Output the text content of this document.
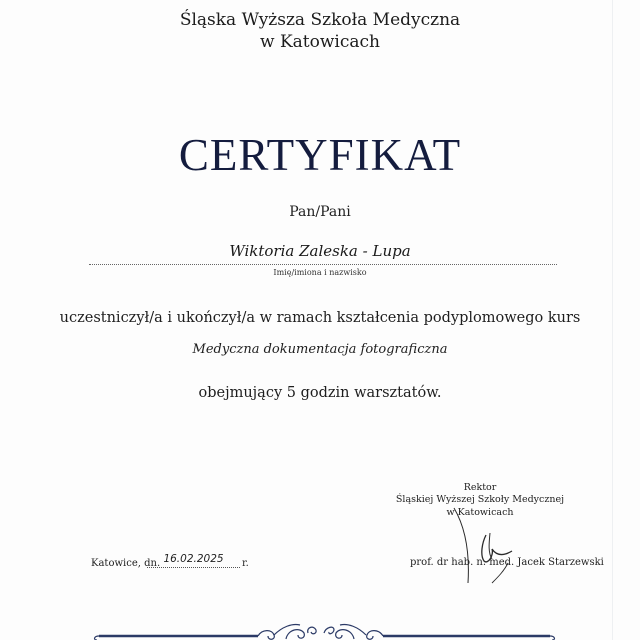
Śląska Wyższa Szkoła Medyczna
w Katowicach
CERTYFIKAT
Pan/Pani
Wiktoria Zaleska - Lupa
Imię/imiona i nazwisko
uczestniczył/a i ukończył/a w ramach kształcenia podyplomowego kurs
Medyczna dokumentacja fotograficzna
obejmujący 5 godzin warsztatów.
Rektor
Śląskiej Wyższej Szkoły Medycznej
w Katowicach
prof. dr hab. n. med. Jacek Starzewski
Katowice, dn. 16.02.2025	r.
